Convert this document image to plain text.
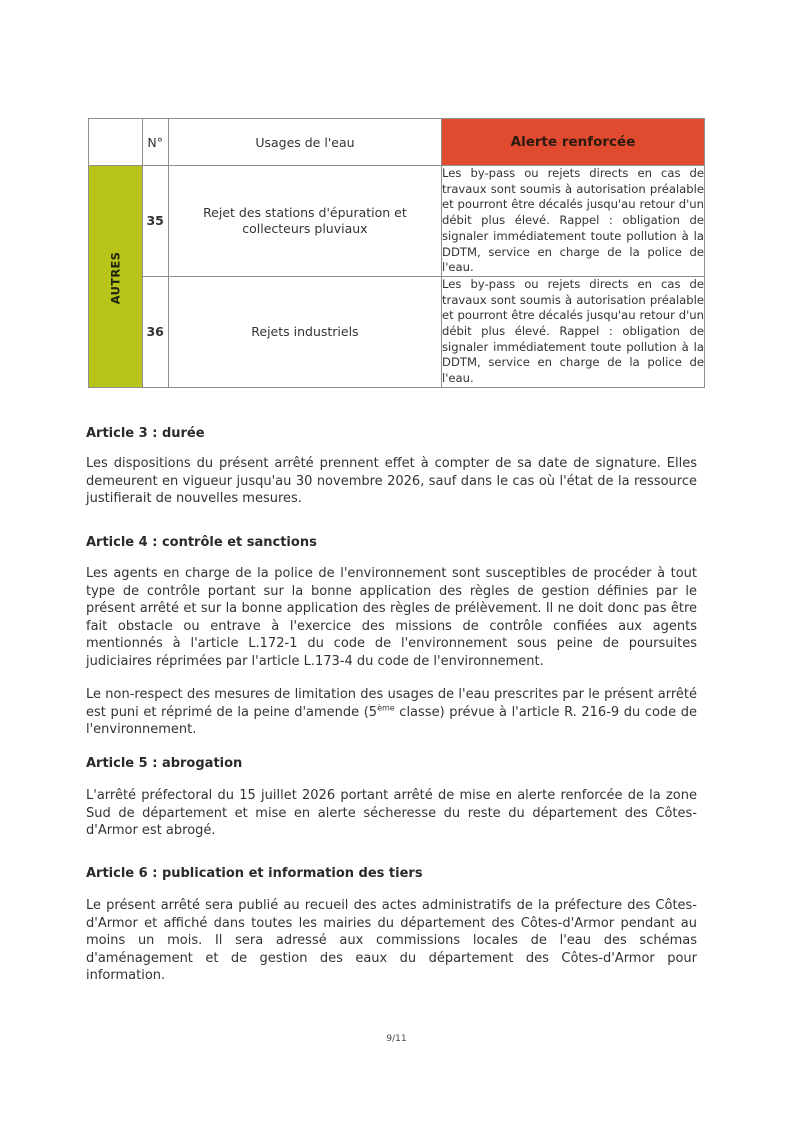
	N°	Usages de l'eau	Alerte renforcée
AUTRES	35	Rejet des stations d'épuration et collecteurs pluviaux	Les by-pass ou rejets directs en cas de travaux sont soumis à autorisation préalable et pourront être décalés jusqu'au retour d'un débit plus élevé. Rappel : obligation de signaler immédiatement toute pollution à la DDTM, service en charge de la police de l'eau.
	36	Rejets industriels	Les by-pass ou rejets directs en cas de travaux sont soumis à autorisation préalable et pourront être décalés jusqu'au retour d'un débit plus élevé. Rappel : obligation de signaler immédiatement toute pollution à la DDTM, service en charge de la police de l'eau.
Article 3 : durée

Les dispositions du présent arrêté prennent effet à compter de sa date de signature. Elles demeurent en vigueur jusqu'au 30 novembre 2026, sauf dans le cas où l'état de la ressource justifierait de nouvelles mesures.

Article 4 : contrôle et sanctions

Les agents en charge de la police de l'environnement sont susceptibles de procéder à tout type de contrôle portant sur la bonne application des règles de gestion définies par le présent arrêté et sur la bonne application des règles de prélèvement. Il ne doit donc pas être fait obstacle ou entrave à l'exercice des missions de contrôle confiées aux agents mentionnés à l'article L.172-1 du code de l'environnement sous peine de poursuites judiciaires réprimées par l'article L.173-4 du code de l'environnement.

Le non-respect des mesures de limitation des usages de l'eau prescrites par le présent arrêté est puni et réprimé de la peine d'amende (5ème classe) prévue à l'article R. 216-9 du code de l'environnement.

Article 5 : abrogation

L'arrêté préfectoral du 15 juillet 2026 portant arrêté de mise en alerte renforcée de la zone Sud de département et mise en alerte sécheresse du reste du département des Côtes-d'Armor est abrogé.

Article 6 : publication et information des tiers

Le présent arrêté sera publié au recueil des actes administratifs de la préfecture des Côtes-d'Armor et affiché dans toutes les mairies du département des Côtes-d'Armor pendant au moins un mois. Il sera adressé aux commissions locales de l'eau des schémas d'aménagement et de gestion des eaux du département des Côtes-d'Armor pour information.

9/11
